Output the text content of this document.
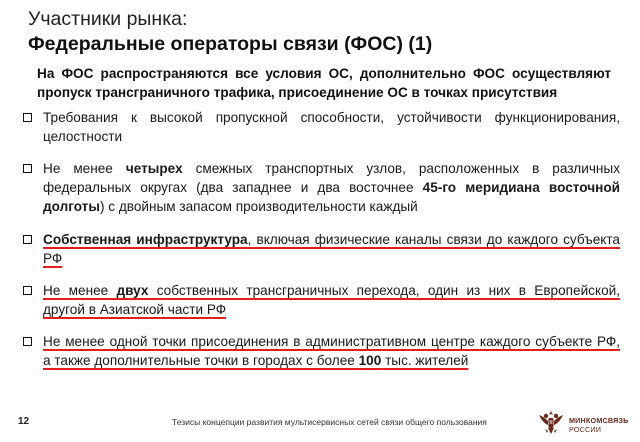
Участники рынка:
Федеральные операторы связи (ФОС) (1)
На ФОС распространяются все условия ОС, дополнительно ФОС осуществляют пропуск трансграничного трафика, присоединение ОС в точках присутствия
Требования к высокой пропускной способности, устойчивости функционирования, целостности
Не менее четырех смежных транспортных узлов, расположенных в различных федеральных округах (два западнее и два восточнее 45-го меридиана восточной долготы) с двойным запасом производительности каждый
Собственная инфраструктура, включая физические каналы связи до каждого субъекта РФ
Не менее двух собственных трансграничных перехода, один из них в Европейской, другой в Азиатской части РФ
Не менее одной точки присоединения в административном центре каждого субъекте РФ, а также дополнительные точки в городах с более 100 тыс. жителей
12	Тезисы концепции развития мультисервисных сетей связи общего пользования	МИНКОМСВЯЗЬ
РОССИИ
